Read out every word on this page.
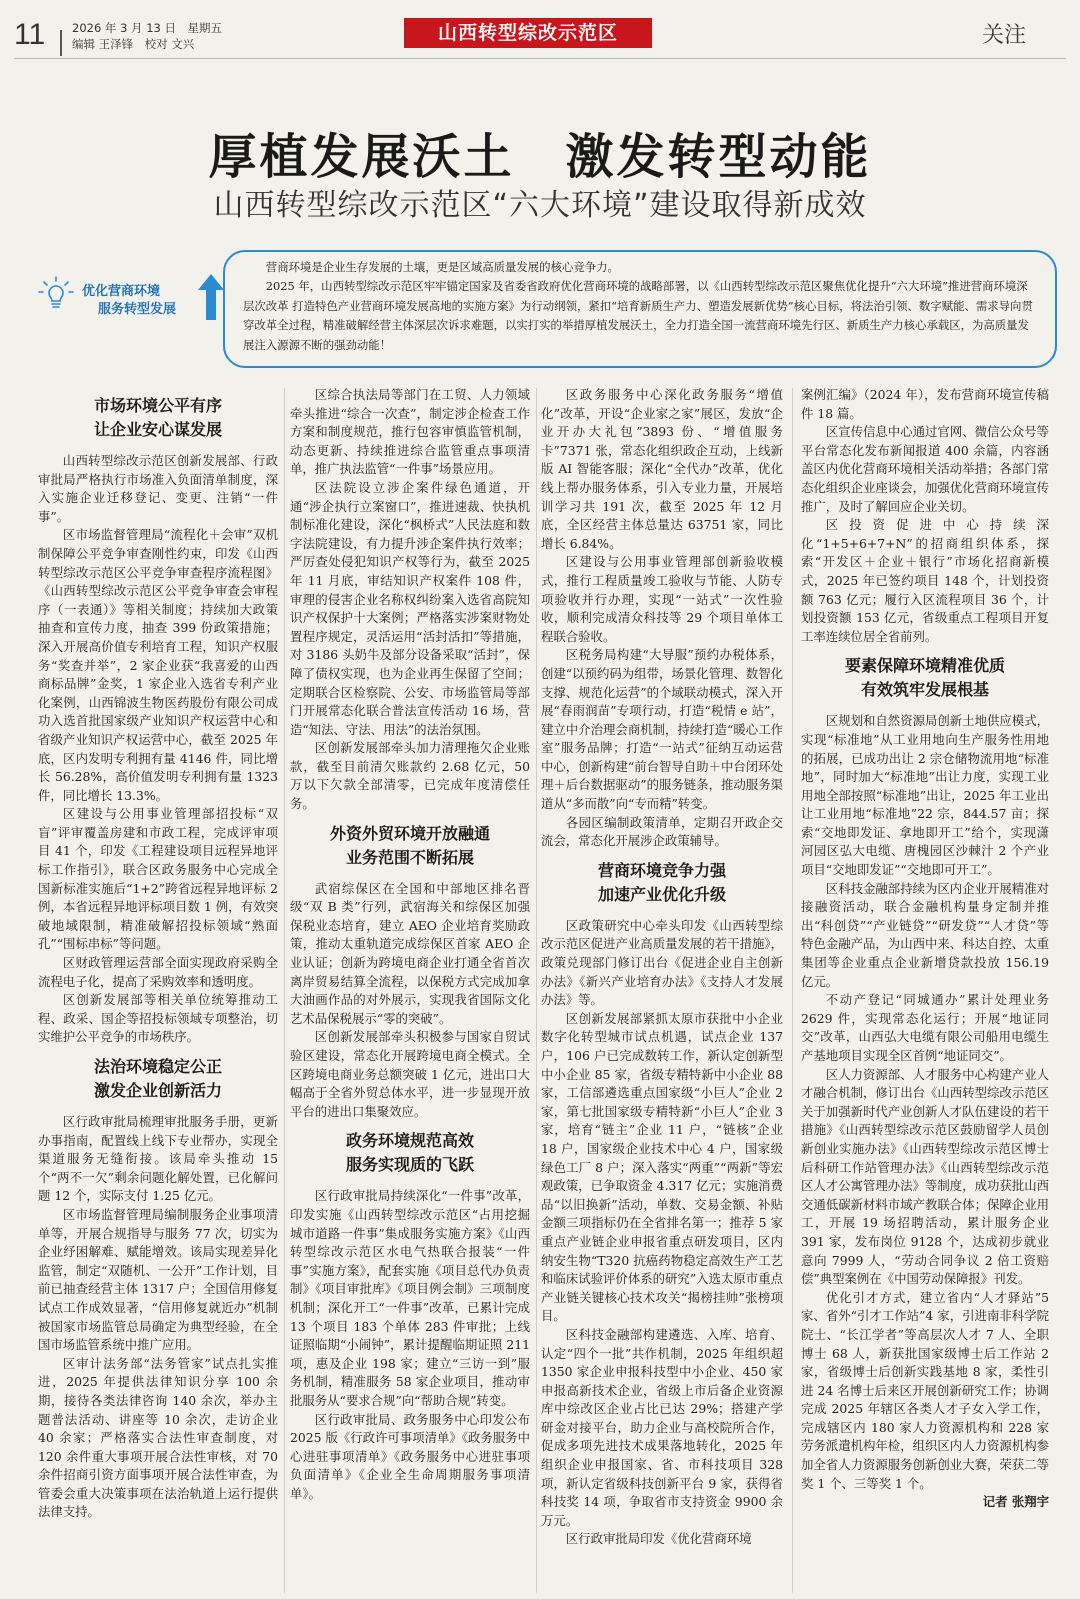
11 2026 年 3 月 13 日　星期五
编辑 王泽锋　校对 文兴	山西转型综改示范区	关注
厚植发展沃土　激发转型动能
山西转型综改示范区“六大环境”建设取得新成效
优化营商环境
服务转型发展

营商环境是企业生存发展的土壤，更是区域高质量发展的核心竞争力。

2025 年，山西转型综改示范区牢牢锚定国家及省委省政府优化营商环境的战略部署，以《山西转型综改示范区聚焦优化提升“六大环境”推进营商环境深层次改革 打造特色产业营商环境发展高地的实施方案》为行动纲领，紧扣“培育新质生产力、塑造发展新优势”核心目标，将法治引领、数字赋能、需求导向贯穿改革全过程，精准破解经营主体深层次诉求难题，以实打实的举措厚植发展沃土，全力打造全国一流营商环境先行区、新质生产力核心承载区，为高质量发展注入源源不断的强劲动能！

市场环境公平有序
让企业安心谋发展

山西转型综改示范区创新发展部、行政审批局严格执行市场准入负面清单制度，深入实施企业迁移登记、变更、注销“一件事”。

区市场监督管理局“流程化＋会审”双机制保障公平竞争审查刚性约束，印发《山西转型综改示范区公平竞争审查程序流程图》《山西转型综改示范区公平竞争审查会审程序（一表通）》等相关制度；持续加大政策抽查和宣传力度，抽查 399 份政策措施；深入开展高价值专利培育工程，知识产权服务“奖查并举”，2 家企业获“我喜爱的山西商标品牌”金奖，1 家企业入选省专利产业化案例，山西锦波生物医药股份有限公司成功入选首批国家级产业知识产权运营中心和省级产业知识产权运营中心，截至 2025 年底，区内发明专利拥有量 4146 件，同比增长 56.28%，高价值发明专利拥有量 1323 件，同比增长 13.3%。

区建设与公用事业管理部招投标“双盲”评审覆盖房建和市政工程，完成评审项目 41 个，印发《工程建设项目远程异地评标工作指引》，联合区政务服务中心完成全国新标准实施后“1+2”跨省远程异地评标 2 例，本省远程异地评标项目数 1 例，有效突破地域限制，精准破解招投标领域“熟面孔”“围标串标”等问题。

区财政管理运营部全面实现政府采购全流程电子化，提高了采购效率和透明度。

区创新发展部等相关单位统筹推动工程、政采、国企等招投标领域专项整治，切实维护公平竞争的市场秩序。

法治环境稳定公正
激发企业创新活力

区行政审批局梳理审批服务手册，更新办事指南，配置线上线下专业帮办，实现全渠道服务无缝衔接。该局牵头推动 15 个“两不一欠”剩余问题化解处置，已化解问题 12 个，实际支付 1.25 亿元。

区市场监督管理局编制服务企业事项清单等，开展合规指导与服务 77 次，切实为企业纾困解难、赋能增效。该局实现差异化监管，制定“双随机、一公开”工作计划，目前已抽查经营主体 1317 户；全国信用修复试点工作成效显著，“信用修复就近办”机制被国家市场监管总局确定为典型经验，在全国市场监管系统中推广应用。

区审计法务部“法务管家”试点扎实推进，2025 年提供法律知识分享 100 余期，接待各类法律咨询 140 余次，举办主题普法活动、讲座等 10 余次，走访企业 40 余家；严格落实合法性审查制度，对 120 余件重大事项开展合法性审核，对 70 余件招商引资方面事项开展合法性审查，为管委会重大决策事项在法治轨道上运行提供法律支持。

区综合执法局等部门在工贸、人力领域牵头推进“综合一次查”，制定涉企检查工作方案和制度规范，推行包容审慎监管机制，动态更新、持续推进综合监管重点事项清单，推广执法监管“一件事”场景应用。

区法院设立涉企案件绿色通道，开通“涉企执行立案窗口”，推进速裁、快执机制标准化建设，深化“枫桥式”人民法庭和数字法院建设，有力提升涉企案件执行效率；严厉查处侵犯知识产权等行为，截至 2025 年 11 月底，审结知识产权案件 108 件，审理的侵害企业名称权纠纷案入选省高院知识产权保护十大案例；严格落实涉案财物处置程序规定，灵活运用“活封活扣”等措施，对 3186 头奶牛及部分设备采取“活封”，保障了债权实现，也为企业再生保留了空间；定期联合区检察院、公安、市场监管局等部门开展常态化联合普法宣传活动 16 场，营造“知法、守法、用法”的法治氛围。

区创新发展部牵头加力清理拖欠企业账款，截至目前清欠账款约 2.68 亿元，50 万以下欠款全部清零，已完成年度清偿任务。

外资外贸环境开放融通
业务范围不断拓展

武宿综保区在全国和中部地区排名晋级“双 B 类”行列，武宿海关和综保区加强保税业态培育，建立 AEO 企业培育奖励政策，推动太重轨道完成综保区首家 AEO 企业认证；创新为跨境电商企业打通全省首次离岸贸易结算全流程，以保税方式完成加拿大油画作品的对外展示，实现我省国际文化艺术品保税展示“零的突破”。

区创新发展部牵头积极参与国家自贸试验区建设，常态化开展跨境电商全模式。全区跨境电商业务总额突破 1 亿元，进出口大幅高于全省外贸总体水平，进一步显现开放平台的进出口集聚效应。

政务环境规范高效
服务实现质的飞跃

区行政审批局持续深化“一件事”改革，印发实施《山西转型综改示范区“占用挖掘城市道路一件事”集成服务实施方案》《山西转型综改示范区水电气热联合报装“一件事”实施方案》，配套实施《项目总代办负责制》《项目审批库》《项目例会制》三项制度机制；深化开工“一件事”改革，已累计完成 13 个项目 183 个单体 283 件审批；上线证照临期“小闹钟”，累计提醒临期证照 211 项，惠及企业 198 家；建立“三访一到”服务机制，精准服务 58 家企业项目，推动审批服务从“要求合规”向“帮助合规”转变。

区行政审批局、政务服务中心印发公布 2025 版《行政许可事项清单》《政务服务中心进驻事项清单》《政务服务中心进驻事项负面清单》《企业全生命周期服务事项清单》。

区政务服务中心深化政务服务“增值化”改革，开设“企业家之家”展区，发放“企业开办大礼包”3893 份、“增值服务卡”7371 张，常态化组织政企互动，上线新版 AI 智能客服；深化“全代办”改革，优化线上帮办服务体系，引入专业力量，开展培训学习共 191 次，截至 2025 年 12 月底，全区经营主体总量达 63751 家，同比增长 6.84%。

区建设与公用事业管理部创新验收模式，推行工程质量竣工验收与节能、人防专项验收并行办理，实现“一站式”一次性验收，顺利完成清众科技等 29 个项目单体工程联合验收。

区税务局构建“大导服”预约办税体系，创建“以预约码为组带，场景化管理、数智化支撑、规范化运营”的个域联动模式，深入开展“春雨润苗”专项行动，打造“税情 e 站”，建立中介治理会商机制，持续打造“暖心工作室”服务品牌；打造“一站式”征纳互动运营中心，创新构建“前台智导自助＋中台闭环处理＋后台数据驱动”的服务链条，推动服务渠道从“多而散”向“专而精”转变。

各园区编制政策清单，定期召开政企交流会，常态化开展涉企政策辅导。

营商环境竞争力强
加速产业优化升级

区政策研究中心牵头印发《山西转型综改示范区促进产业高质量发展的若干措施》，政策兑现部门修订出台《促进企业自主创新办法》《新兴产业培育办法》《支持人才发展办法》等。

区创新发展部紧抓太原市获批中小企业数字化转型城市试点机遇，试点企业 137 户，106 户已完成数转工作，新认定创新型中小企业 85 家，省级专精特新中小企业 88 家，工信部遴选重点国家级“小巨人”企业 2 家，第七批国家级专精特新“小巨人”企业 3 家，培育“链主”企业 11 户，“链核”企业 18 户，国家级企业技术中心 4 户，国家级绿色工厂 8 户；深入落实“两重”“两新”等宏观政策，已争取资金 4.317 亿元；实施消费品“以旧换新”活动，单数、交易金额、补贴金额三项指标仍在全省排名第一；推荐 5 家重点产业链企业申报省重点研发项目，区内纳安生物“T320 抗癌药物稳定高效生产工艺和临床试验评价体系的研究”入选太原市重点产业链关键核心技术攻关“揭榜挂帅”张榜项目。

区科技金融部构建遴选、入库、培育、认定“四个一批”共作机制，2025 年组织超 1350 家企业申报科技型中小企业、450 家申报高新技术企业，省级上市后备企业资源库中综改区企业占比已达 29%；搭建产学研金对接平台，助力企业与高校院所合作，促成多项先进技术成果落地转化，2025 年组织企业申报国家、省、市科技项目 328 项，新认定省级科技创新平台 9 家，获得省科技奖 14 项，争取省市支持资金 9900 余万元。

区行政审批局印发《优化营商环境

案例汇编》（2024 年），发布营商环境宣传稿件 18 篇。

区宣传信息中心通过官网、微信公众号等平台常态化发布新闻报道 400 余篇，内容涵盖区内优化营商环境相关活动举措；各部门常态化组织企业座谈会，加强优化营商环境宣传推广，及时了解回应企业关切。

区投资促进中心持续深化“1+5+6+7+N”的招商组织体系，探索“开发区＋企业＋银行”市场化招商新模式，2025 年已签约项目 148 个，计划投资额 763 亿元；履行入区流程项目 36 个，计划投资额 153 亿元，省级重点工程项目开复工率连续位居全省前列。

要素保障环境精准优质
有效筑牢发展根基

区规划和自然资源局创新土地供应模式，实现“标准地”从工业用地向生产服务性用地的拓展，已成功出让 2 宗仓储物流用地“标准地”，同时加大“标准地”出让力度，实现工业用地全部按照“标准地”出让，2025 年工业出让工业用地“标准地”22 宗，844.57 亩；探索“交地即发证、拿地即开工”给个，实现潇河园区弘大电缆、唐槐园区沙棘汁 2 个产业项目“交地即发证”“交地即可开工”。

区科技金融部持续为区内企业开展精准对接融资活动，联合金融机构量身定制并推出“科创贷”“产业链贷”“研发贷”“人才贷”等特色金融产品，为山西中来、科达自控、太重集团等企业重点企业新增贷款投放 156.19 亿元。

不动产登记“同城通办”累计处理业务 2629 件，实现常态化运行；开展“地证同交”改革，山西弘大电缆有限公司船用电缆生产基地项目实现全区首例“地证同交”。

区人力资源部、人才服务中心构建产业人才融合机制，修订出台《山西转型综改示范区关于加强新时代产业创新人才队伍建设的若干措施》《山西转型综改示范区鼓励留学人员创新创业实施办法》《山西转型综改示范区博士后科研工作站管理办法》《山西转型综改示范区人才公寓管理办法》等制度，成功获批山西交通低碳新材料市域产教联合体；保障企业用工，开展 19 场招聘活动，累计服务企业 391 家，发布岗位 9128 个，达成初步就业意向 7999 人，“劳动合同争议 2 倍工资赔偿”典型案例在《中国劳动保障报》刊发。

优化引才方式，建立省内“人才驿站”5 家、省外“引才工作站”4 家，引进南非科学院院士、“长江学者”等高层次人才 7 人、全职博士 68 人，新获批国家级博士后工作站 2 家，省级博士后创新实践基地 8 家，柔性引进 24 名博士后来区开展创新研究工作；协调完成 2025 年辖区各类人才子女入学工作，完成辖区内 180 家人力资源机构和 228 家劳务派遣机构年检，组织区内人力资源机构参加全省人力资源服务创新创业大赛，荣获二等奖 1 个、三等奖 1 个。

记者 张翔宇
